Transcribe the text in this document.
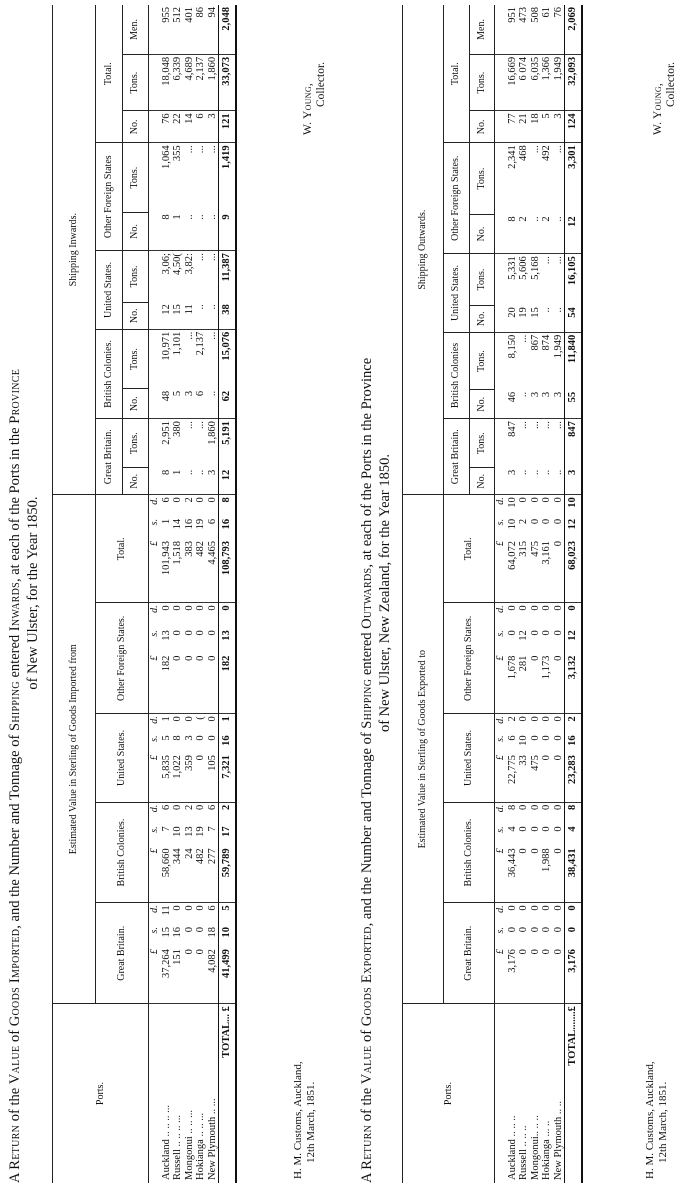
A Return of the Value of Goods Imported, and the Number and Tonnage of Shipping entered Inwards, at each of the Ports in the Province
of New Ulster, for the Year 1850.
Ports.	Estimated Value in Sterling of Goods Imported from															Shipping Inwards.										
	Great Britain.			British Colonies.			United States.			Other Foreign States.			Total.			Great Britain.		British Colonies.		United States.		Other Foreign States		Total.		
																No.	Tons.	No.	Tons.	No.	Tons.	No.	Tons.	No.	Tons.	Men.
	£	s.	d.	£	s.	d.	£	s.	d.	£	s.	d.	£	s.	d.											
Auckland .. .. .. ...	37,264	15	11	58,660	7	6	5,835	5	1	182	13	0	101,943	1	6	8	2,951	48	10,971	12	3,06;	8	1,064	76	18,048	955
Russell .. .. .. ...	151	16	0	344	10	0	1,022	8	0	0	0	0	1,518	14	0	1	380	5	1,101	15	4,50(	1	355	22	6,339	512
Mongonui .. .. ...	0	0	0	24	13	2	359	3	0	0	0	0	383	16	2	..	...	3	...	11	3,82:	..	...	14	4,689	401
Hokianga .. .. ...	0	0	0	482	19	0	0	0	(	0	0	0	482	19	0	..	...	6	2,137	..	...	..	...	6	2,137	86
New Plymouth .. ...	4,082	18	6	277	7	6	105	0	0	0	0	0	4,465	6	0	3	1,860	..	...	..	...	..	...	3	1,860	94

TOTAL... £	41,499	10	5	59,789	17	2	7,321	16	1	182	13	0	108,793	16	8	12	5,191	62	15,076	38	11,387	9	1,419	121	33,073	2,048
H. M. Customs, Auckland, 12th March, 1851.
W. Young, Collector.
A Return of the Value of Goods Exported, and the Number and Tonnage of Shipping entered Outwards, at each of the Ports in the Province of New Ulster, New Zealand, for the Year 1850.
Ports.	Estimated Value in Sterling of Goods Exported to															Shipping Outwards.										
	Great Britain.			British Colonies.			United States.			Other Foreign States.			Total.			Great Britain.		British Colonies		United States.		Other Foreign States.		Total.		
																No.	Tons.	No.	Tons.	No.	Tons.	No.	Tons.	No.	Tons.	Men.
	£	s.	d.	£	s.	d.	£	s.	d.	£	s.	d.	£	s.	d.											
Auckland .. .. ..	3,176	0	0	36,443	4	8	22,775	6	2	1,678	0	0	64,072	10	10	3	847	46	8,150	20	5,331	8	2,341	77	16,669	951
Russell .. .. ..	0	0	0	0	0	0	33	10	0	281	12	0	315	2	0	..	...	..	...	19	5,606	2	468	21	6 074	473
Mongonui.. .. ..	0	0	0	0	0	0	475	0	0	0	0	0	475	0	0	..	...	3	867	15	5,168	..	...	18	6,035	508
Hokianga ... ..	0	0	0	1,988	0	0	0	0	0	1,173	0	0	3,161	0	0	..	...	3	874	..	...	2	492	5	1,366	61
New Plymouth .. ..	0	0	0	0	0	0	0	0	0	0	0	0	0	0	0	..	...	3	1,949	..	...	..	...	3	1,949	76

TOTAL.......£	3,176	0	0	38,431	4	8	23,283	16	2	3,132	12	0	68,023	12	10	3	847	55	11,840	54	16,105	12	3,301	124	32,093	2,069
H. M. Customs, Auckland, 12th March, 1851.
W. Young, Collector.
